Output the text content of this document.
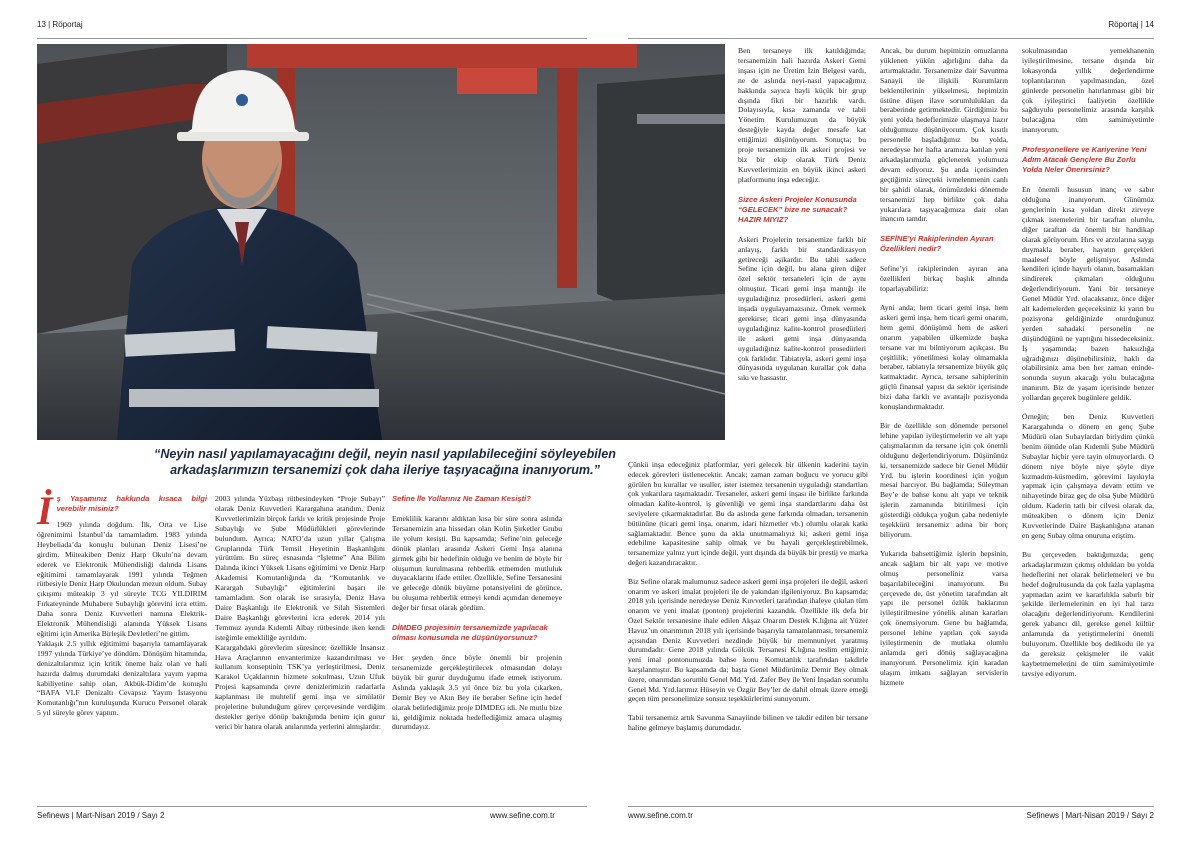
13 | Röportaj	Röportaj | 14
“Neyin nasıl yapılamayacağını değil, neyin nasıl yapılabileceğini söyleyebilen arkadaşlarımızın tersanemizi çok daha ileriye taşıyacağına inanıyorum.”
İ ş Yaşamınız hakkında kısaca bilgi verebilir misiniz?

1969 yılında doğdum. İlk, Orta ve Lise öğrenimimi İstanbul’da tamamladım. 1983 yılında Heybeliada’da konuşlu bulunan Deniz Lisesi’ne girdim. Müteakiben Deniz Harp Okulu’na devam ederek ve Elektronik Mühendisliği dalında Lisans eğitimimi tamamlayarak 1991 yılında Teğmen rütbesiyle Deniz Harp Okulundan mezun oldum. Subay çıkışımı müteakip 3 yıl süreyle TCG YILDIRIM Fırkateyninde Muhabere Subaylığı görevini icra ettim. Daha sonra Deniz Kuvvetleri namına Elektrik-Elektronik Mühendisliği alanında Yüksek Lisans eğitimi için Amerika Birleşik Devletleri’ne gittim.

Yaklaşık 2.5 yıllık eğitimimi başarıyla tamamlayarak 1997 yılında Türkiye’ye döndüm. Dönüşüm hitamında, denizaltılarımız için kritik öneme haiz olan ve hali hazırda dalmış durumdaki denizaltılara yayım yapma kabiliyetine sahip olan, Akbük-Didim’de konuşlu “BAFA VLF Denizaltı Cevapsız Yayım İstasyonu Komutanlığı”nın kuruluşunda Kurucu Personel olarak 5 yıl süreyle görev yaptım.

2003 yılında Yüzbaşı rütbesindeyken “Proje Subayı” olarak Deniz Kuvvetleri Karargahına atandım. Deniz Kuvvetlerimizin birçok farklı ve kritik projesinde Proje Subaylığı ve Şube Müdürlükleri görevlerinde bulundum. Ayrıca; NATO’da uzun yıllar Çalışma Gruplarında Türk Temsil Heyetinin Başkanlığını yürüttüm. Bu süreç esnasında “İşletme” Ana Bilim Dalında ikinci Yüksek Lisans eğitimimi ve Deniz Harp Akademisi Komutanlığında da “Komutanlık ve Karargah Subaylığı” eğitimlerini başarı ile tamamladım. Son olarak ise sırasıyla, Deniz Hava Daire Başkanlığı ile Elektronik ve Silah Sistemleri Daire Başkanlığı görevlerini icra ederek 2014 yılı Temmuz ayında Kıdemli Albay rütbesinde iken kendi isteğimle emekliliğe ayrıldım.

Karargahdaki görevlerim süresince; özellikle İnsansız Hava Araçlarının envanterimize kazandırılması ve kullanım konseptinin TSK’ya yerleştirilmesi, Deniz Karakol Uçaklarının hizmete sokulması, Uzun Ufuk Projesi kapsamında çevre denizlerimizin radarlarla kaplanması ile muhtelif gemi inşa ve simülatör projelerine bulunduğum görev çerçevesinde verdiğim destekler geriye dönüp baktığımda benim için gurur verici bir hatıra olarak anılarımda yerlerini almışlardır.

Sefine İle Yollarınız Ne Zaman Kesişti?

Emeklilik kararını aldıktan kısa bir süre sonra aslında Tersanemizin ana hissedarı olan Kolin Şirketler Grubu ile yolum kesişti. Bu kapsamda; Sefine’nin geleceğe dönük planları arasında Askeri Gemi İnşa alanına girmek gibi bir hedefinin olduğu ve benim de böyle bir oluşumun kurulmasına rehberlik etmemden mutluluk duyacaklarını ifade ettiler. Özellikle, Sefine Tersanesini ve geleceğe dönük büyüme potansiyelini de görünce, bu oluşuma rehberlik etmeyi kendi açımdan denemeye değer bir fırsat olarak gördüm.

DİMDEG projesinin tersanemizde yapılacak olması konusunda ne düşünüyorsunuz?

Her şeyden önce böyle önemli bir projenin tersanemizde gerçekleştirilecek olmasından dolayı büyük bir gurur duyduğumu ifade etmek istiyorum. Aslında yaklaşık 3.5 yıl önce biz bu yola çıkarken, Demir Bey ve Akın Bey ile beraber Sefine için hedef olarak belirlediğimiz proje DİMDEG idi. Ne mutlu bize ki, geldiğimiz noktada hedeflediğimiz amaca ulaşmış durumdayız.

Ben tersaneye ilk katıldığımda; tersanemizin hali hazırda Askeri Gemi inşası için ne Üretim İzin Belgesi vardı, ne de aslında neyi-nasıl yapacağımız hakkında sayıca hayli küçük bir grup dışında fikri bir hazırlık vardı. Dolayısıyla, kısa zamanda ve tabii Yönetim Kurulumuzun da büyük desteğiyle kayda değer mesafe kat ettiğimizi düşünüyorum. Sonuçta; bu proje tersanemizin ilk askeri projesi ve biz bir ekip olarak Türk Deniz Kuvvetlerimizin en büyük ikinci askeri platformunu inşa edeceğiz.

Sizce Askeri Projeler Konusunda “GELECEK” bize ne sunacak? HAZIR MIYIZ?

Askeri Projelerin tersanemize farklı bir anlayış, farklı bir standardizasyon getireceği aşikardır. Bu tabii sadece Sefine için değil, bu alana giren diğer özel sektör tersaneleri için de aynı olmuştur. Ticari gemi inşa mantığı ile uyguladığınız prosedürleri, askeri gemi inşada uygulayamazsınız. Örnek vermek gerekirse; ticari gemi inşa dünyasında uyguladığınız kalite-kontrol prosedürleri ile askeri gemi inşa dünyasında uyguladığınız kalite-kontrol prosedürleri çok farklıdır. Tabiatıyla, askeri gemi inşa dünyasında uygulanan kurallar çok daha sıkı ve hassastır.

Çünkü inşa edeceğiniz platformlar, yeri gelecek bir ülkenin kaderini tayin edecek görevleri üstlenecektir. Ancak; zaman zaman boğucu ve yorucu gibi görülen bu kurallar ve usuller, ister istemez tersanenin uyguladığı standartları çok yukarılara taşımaktadır. Tersaneler, askeri gemi inşası ile birlikte farkında olmadan kalite-kontrol, iş güvenliği ve gemi inşa standartlarını daha üst seviyelere çıkarmaktadırlar. Bu da aslında gene farkında olmadan, tersanenin bütününe (ticari gemi inşa, onarım, idari hizmetler vb.) olumlu olarak katkı sağlamaktadır. Bence şunu da akla unutmamalıyız ki; askeri gemi inşa edebilme kapasitesine sahip olmak ve bu hayali gerçekleştirebilmek, tersanemize yalnız yurt içinde değil, yurt dışında da büyük bir prestij ve marka değeri kazandıracaktır.

Biz Sefine olarak malumunuz sadece askeri gemi inşa projeleri ile değil, askeri onarım ve askeri imalat projeleri ile de yakından ilgileniyoruz. Bu kapsamda; 2018 yılı içerisinde neredeyse Deniz Kuvvetleri tarafından ihaleye çıkılan tüm onarım ve yeni imalat (ponton) projelerini kazandık. Özellikle ilk defa bir Özel Sektör tersanesine ihale edilen Akşaz Onarım Destek K.lığına ait Yüzer Havuz’un onarımının 2018 yılı içerisinde başarıyla tamamlanması, tersanemiz açısından Deniz Kuvvetleri nezdinde büyük bir memnuniyet yaratmış durumdadır. Gene 2018 yılında Gölcük Tersanesi K.lığına teslim ettiğimiz yeni imal pontonumuzda bahse konu Komutanlık tarafından takdirle karşılanmıştır. Bu kapsamda da; başta Genel Müdürümüz Demir Bey olmak üzere, onarımdan sorumlu Genel Md. Yrd. Zafer Bey ile Yeni İnşadan sorumlu Genel Md. Yrd.larımız Hüseyin ve Özgür Bey’ler de dahil olmak üzere emeği geçen tüm personelimize sonsuz teşekkürlerimi sunuyorum.

Tabii tersanemiz artık Savunma Sanayiinde bilinen ve takdir edilen bir tersane haline gelmeye başlamış durumdadır.

Ancak, bu durum hepimizin omuzlarına yüklenen yükün ağırlığını daha da artırmaktadır. Tersanemize dair Savunma Sanayii ile ilişkili Kurumların beklentilerinin yükselmesi, hepimizin üstüne düşen ilave sorumlulukları da beraberinde getirmektedir. Girdiğimiz bu yeni yolda hedeflerimize ulaşmaya hazır olduğumuzu düşünüyorum. Çok kısıtlı personelle başladığımız bu yolda, neredeyse her hafta aramıza katılan yeni arkadaşlarımızla güçlenerek yolumuza devam ediyoruz. Şu anda içerisinden geçtiğimiz süreçteki ivmelenmenin canlı bir şahidi olarak, önümüzdeki dönemde tersanemizi hep birlikte çok daha yukarılara taşıyacağımıza dair olan inancım tamdır.

SEFİNE’yi Rakiplerinden Ayıran Özellikleri nedir?

Sefine’yi rakiplerinden ayıran ana özellikleri birkaç başlık altında toparlayabiliriz:

Ayni anda; hem ticari gemi inşa, hem askeri gemi inşa, hem ticari gemi onarım, hem gemi dönüşümü hem de askeri onarım yapabilen ülkemizde başka tersane var mı bilmiyorum açıkçası. Bu çeşitlilik; yönetilmesi kolay olmamakla beraber, tabiatıyla tersanemize büyük güç katmaktadır. Ayrıca, tersane sahiplerinin güçlü finansal yapısı da sektör içerisinde bizi daha farklı ve avantajlı pozisyonda konuşlandırmaktadır.

Bir de özellikle son dönemde personel lehine yapılan iyileştirmelerin ve alt yapı çalışmalarının da tersane için çok önemli olduğunu değerlendiriyorum. Düşününüz ki, tersanemizde sadece bir Genel Müdür Yrd. bu işlerin koordinesi için yoğun mesai harcıyor. Bu bağlamda; Süleyman Bey’e de bahse konu alt yapı ve teknik işlerin zamanında bitirilmesi için gösterdiği oldukça yoğun çaba nedeniyle teşekkürü tersanemiz adına bir borç biliyorum.

Yukarıda bahsettiğimiz işlerin hepsinin, ancak sağlam bir alt yapı ve motive olmuş personeliniz varsa başarılabileceğini inanıyorum. Bu çerçevede de, üst yönetim tarafından alt yapı ile personel özlük haklarının iyileştirilmesine yönelik alınan kararları çok önemsiyorum. Gene bu bağlamda, personel lehine yapılan çok sayıda iyileştirmenin de mutlaka olumlu anlamda geri dönüş sağlayacağına inanıyorum. Personelimiz için karadan ulaşım imkanı sağlayan servislerin hizmete

sokulmasından yemekhanenin iyileştirilmesine, tersane dışında bir lokasyonda yıllık değerlendirme toplantılarının yapılmasından, özel günlerde personelin hatırlanması gibi bir çok iyileştirici faaliyetin özellikle sağduyulu personelimiz arasında karşılık bulacağına tüm samimiyetimle inanıyorum.

Profesyonellere ve Kariyerine Yeni Adım Atacak Gençlere Bu Zorlu Yolda Neler Önerirsiniz?

En önemli hususun inanç ve sabır olduğuna inanıyorum. Günümüz gençlerinin kısa yoldan direkt zirveye çıkmak istemelerini bir taraftan olumlu, diğer taraftan da önemli bir handikap olarak görüyorum. Hırs ve arzularına saygı duymakla beraber, hayatın gerçekleri maalesef böyle gelişmiyor. Aslında kendileri içinde hayırlı olanın, basamakları sindirerek çıkmaları olduğunu değerlendiriyorum. Yani bir tersaneye Genel Müdür Yrd. olacaksanız, önce diğer alt kademelerden geçeceksiniz ki yarın bu pozisyona geldiğinizde oturduğunuz yerden sahadaki personelin ne düşündüğünü ne yaptığını hissedeceksiniz. İş yaşamında; bazen haksızlığa uğradığınızı düşünebilirsiniz, haklı da olabilirsiniz ama ben her zaman eninde-sonunda suyun akacağı yolu bulacağına inanırım. Biz de yaşam içerisinde benzer yollardan geçerek bugünlere geldik.

Örneğin; ben Deniz Kuvvetleri Karargahında o dönem en genç Şube Müdürü olan Subaylardan biriydim çünkü benim öünüde olan Kıdemli Şube Müdürü Subaylar hiçbir yere tayin olmuyorlardı. O dönem niye böyle niye şöyle diye kızmadım-küsmedim, görevimi layıkıyla yapmak için çalışmaya devam ettim ve nihayetinde biraz geç de olsa Şube Müdürü oldum. Kaderin tatlı bir cilvesi olarak da, müteakiben o dönem için Deniz Kuvvetlerinde Daire Başkanlığına atanan en genç Subay olma onuruna eriştim.

Bu çerçeveden baktığımızda; genç arkadaşlarımızın çıkmış oldukları bu yolda hedeflerini net olarak belirlemeleri ve bu hedef doğrultusunda da çok fazla yaplaşma yapmadan azim ve kararlılıkla sabırlı bir şekilde ilerlemelerinin en iyi hal tarzı olacağını değerlendiriyorum. Kendilerini gerek yabancı dil, gerekse genel kültür anlamında da yetiştirmelerini önemli buluyorum. Özellikle boş dedikodu ile ya da gereksiz çekişmeler ile vakit kaybetmemelerini de tüm samimiyetimle tavsiye ediyorum.

Sefinews | Mart-Nisan 2019 / Sayı 2	www.sefine.com.tr	www.sefine.com.tr	Sefinews | Mart-Nisan 2019 / Sayı 2
